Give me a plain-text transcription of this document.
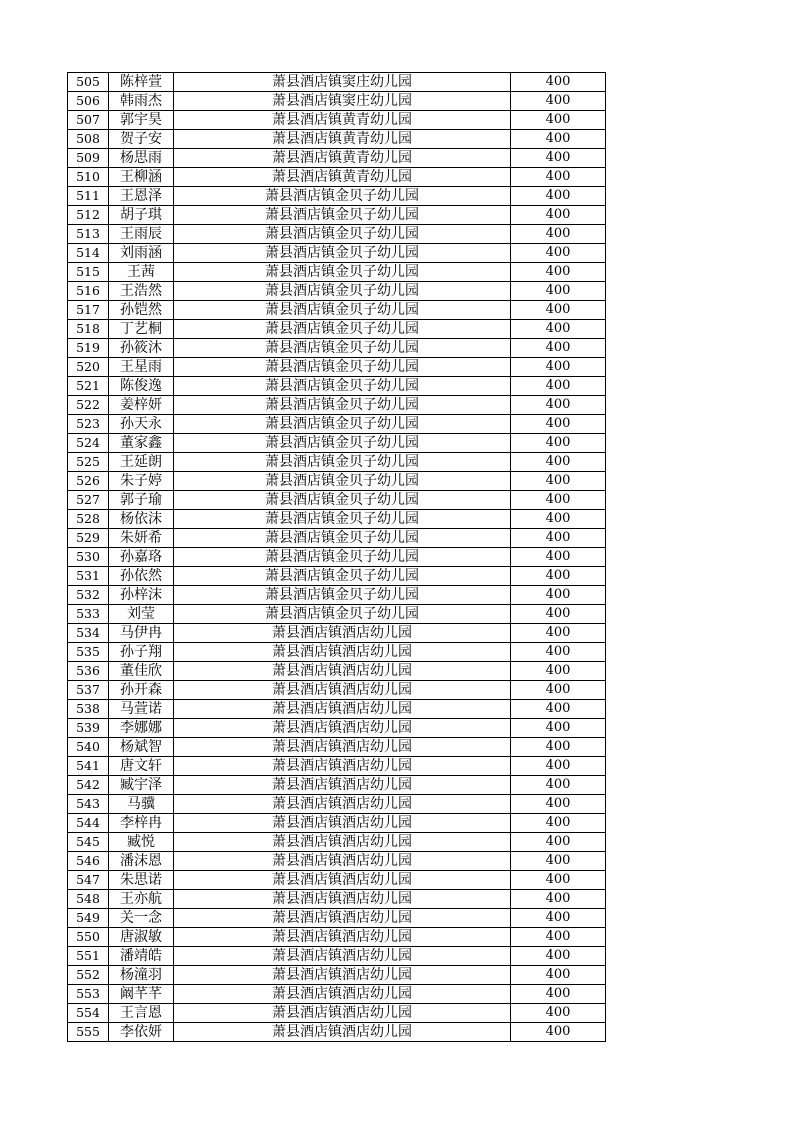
505	陈梓萱	萧县酒店镇窦庄幼儿园	400
506	韩雨杰	萧县酒店镇窦庄幼儿园	400
507	郭宇昊	萧县酒店镇黄青幼儿园	400
508	贺子安	萧县酒店镇黄青幼儿园	400
509	杨思雨	萧县酒店镇黄青幼儿园	400
510	王柳涵	萧县酒店镇黄青幼儿园	400
511	王恩泽	萧县酒店镇金贝子幼儿园	400
512	胡子琪	萧县酒店镇金贝子幼儿园	400
513	王雨辰	萧县酒店镇金贝子幼儿园	400
514	刘雨涵	萧县酒店镇金贝子幼儿园	400
515	王茜	萧县酒店镇金贝子幼儿园	400
516	王浩然	萧县酒店镇金贝子幼儿园	400
517	孙铠然	萧县酒店镇金贝子幼儿园	400
518	丁艺桐	萧县酒店镇金贝子幼儿园	400
519	孙筱沐	萧县酒店镇金贝子幼儿园	400
520	王星雨	萧县酒店镇金贝子幼儿园	400
521	陈俊逸	萧县酒店镇金贝子幼儿园	400
522	姜梓妍	萧县酒店镇金贝子幼儿园	400
523	孙天永	萧县酒店镇金贝子幼儿园	400
524	董家鑫	萧县酒店镇金贝子幼儿园	400
525	王延朗	萧县酒店镇金贝子幼儿园	400
526	朱子婷	萧县酒店镇金贝子幼儿园	400
527	郭子瑜	萧县酒店镇金贝子幼儿园	400
528	杨依沫	萧县酒店镇金贝子幼儿园	400
529	朱妍希	萧县酒店镇金贝子幼儿园	400
530	孙嘉珞	萧县酒店镇金贝子幼儿园	400
531	孙依然	萧县酒店镇金贝子幼儿园	400
532	孙梓沫	萧县酒店镇金贝子幼儿园	400
533	刘莹	萧县酒店镇金贝子幼儿园	400
534	马伊冉	萧县酒店镇酒店幼儿园	400
535	孙子翔	萧县酒店镇酒店幼儿园	400
536	董佳欣	萧县酒店镇酒店幼儿园	400
537	孙开森	萧县酒店镇酒店幼儿园	400
538	马萱诺	萧县酒店镇酒店幼儿园	400
539	李娜娜	萧县酒店镇酒店幼儿园	400
540	杨斌智	萧县酒店镇酒店幼儿园	400
541	唐文轩	萧县酒店镇酒店幼儿园	400
542	臧宇泽	萧县酒店镇酒店幼儿园	400
543	马骥	萧县酒店镇酒店幼儿园	400
544	李梓冉	萧县酒店镇酒店幼儿园	400
545	臧悦	萧县酒店镇酒店幼儿园	400
546	潘沫恩	萧县酒店镇酒店幼儿园	400
547	朱思诺	萧县酒店镇酒店幼儿园	400
548	王亦航	萧县酒店镇酒店幼儿园	400
549	关一念	萧县酒店镇酒店幼儿园	400
550	唐淑敏	萧县酒店镇酒店幼儿园	400
551	潘靖皓	萧县酒店镇酒店幼儿园	400
552	杨潼羽	萧县酒店镇酒店幼儿园	400
553	阚芊芊	萧县酒店镇酒店幼儿园	400
554	王言恩	萧县酒店镇酒店幼儿园	400
555	李依妍	萧县酒店镇酒店幼儿园	400
